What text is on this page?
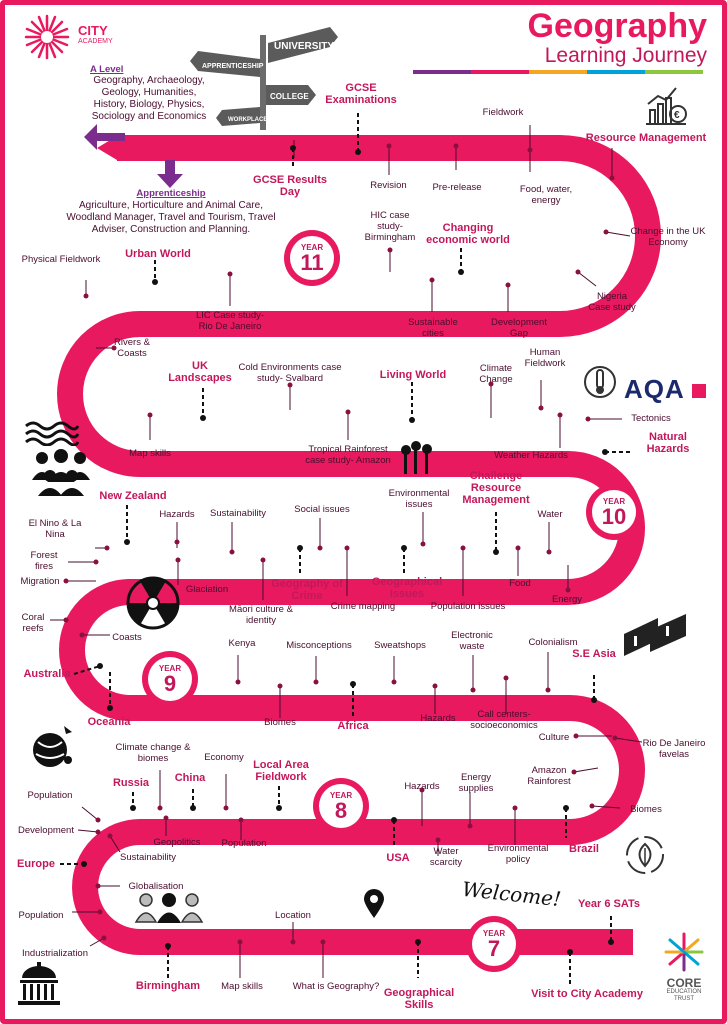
CITY
ACADEMY	Geography
Learning Journey
UNIVERSITY
APPRENTICESHIP
COLLEGE
WORKPLACE
A Level
Geography, Archaeology, Geology, Humanities, History, Biology, Physics, Sociology and Economics
Apprenticeship
Agriculture, Horticulture and Animal Care, Woodland Manager, Travel and Tourism, Travel Adviser, Construction and Planning.
YEAR
11
YEAR
10
YEAR
9
YEAR
8
YEAR
7
GCSE Examinations
GCSE Results Day
Revision	Pre-release
Fieldwork
Food, water, energy
Resource Management
Change in the UK Economy
Nigeria Case study
HIC case study- Birmingham
Changing economic world
Sustainable cities
Development Gap
Urban World
LIC Case study- Rio De Janeiro
Physical Fieldwork
Rivers & Coasts
UK Landscapes
Cold Environments case study- Svalbard	Living World
Climate Change
Human Fieldwork
Tectonics
Natural Hazards
Map skills	Tropical Rainforest case study- Amazon	Weather Hazards
Challenge Resource Management
Environmental issues
Water
Social issues
Sustainability
Hazards
New Zealand
Food
Energy
Population issues
Geographical Issues
Crime mapping
Geography of Crime
Māori culture & identity
Glaciation
El Nino & La Nina
Forest fires
Migration
Coral reefs
Coasts
Australia
Oceania
Kenya	Misconceptions	Sweatshops
Electronic waste	Colonialism
S.E Asia
Biomes	Africa
Hazards	Call centers- socioeconomics
Culture
Rio De Janeiro favelas
Amazon Rainforest
Biomes
Brazil
Environmental policy
Energy supplies
Hazards
Water scarcity
USA
Local Area Fieldwork
Economy
Population
China
Geopolitics
Climate change & biomes
Russia
Population
Development
Sustainability
Europe
Globalisation
Population
Industrialization
Birmingham	Map skills	What is Geography?
Location
Geographical Skills
Visit to City Academy
Year 6 SATs
Welcome!
€
AQA
CORE
EDUCATION
TRUST
